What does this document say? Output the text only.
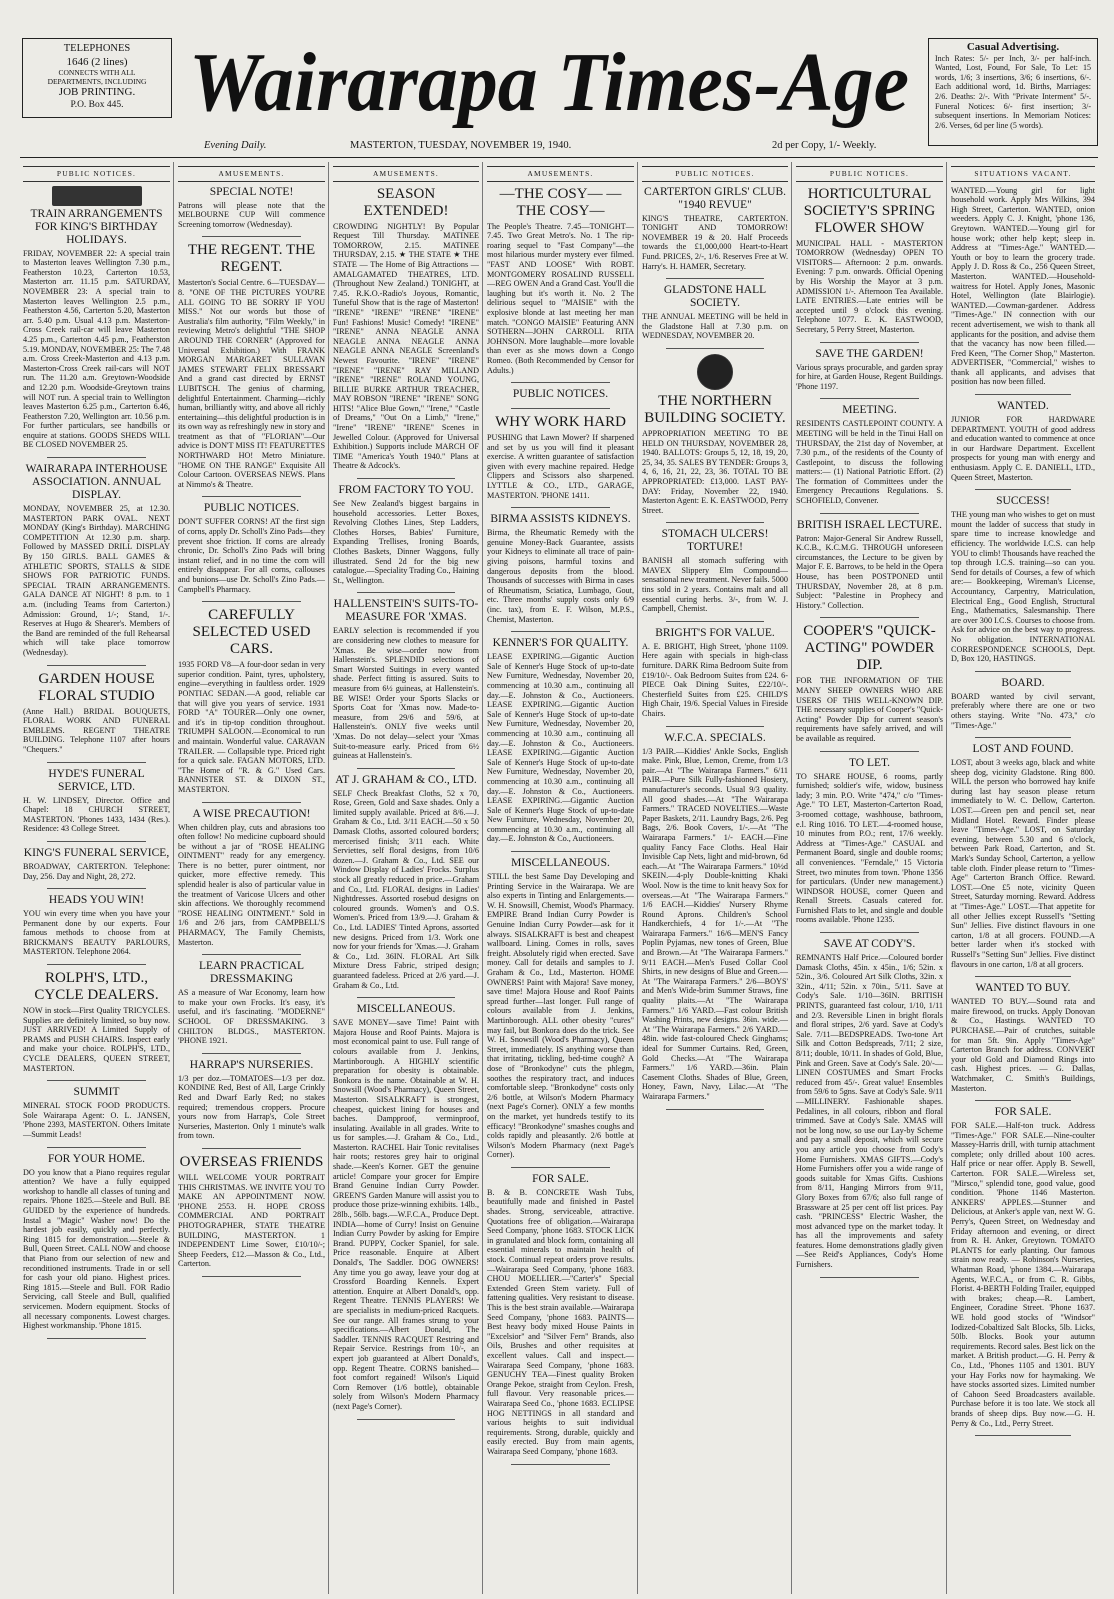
TELEPHONES
1646 (2 lines)
CONNECTS WITH ALL
DEPARTMENTS, INCLUDING
JOB PRINTING.
P.O. Box 445. Wairarapa Times-Age	Casual Advertising.
Inch Rates: 5/- per Inch, 3/- per half-inch. Wanted, Lost, Found, For Sale, To Let: 15 words, 1/6; 3 insertions, 3/6; 6 insertions, 6/-. Each additional word, 1d. Births, Marriages: 2/6. Deaths: 2/-. With "Private Interment" 5/-. Funeral Notices: 6/- first insertion; 3/- subsequent insertions. In Memoriam Notices: 2/6. Verses, 6d per line (5 words).
Evening Daily.	MASTERTON, TUESDAY, NOVEMBER 19, 1940.	2d per Copy, 1/- Weekly.
PUBLIC NOTICES.
TRAIN ARRANGEMENTS FOR KING'S BIRTHDAY HOLIDAYS.
FRIDAY, NOVEMBER 22: A special train to Masterton leaves Wellington 7.30 p.m., Featherston 10.23, Carterton 10.53, Masterton arr. 11.15 p.m. SATURDAY, NOVEMBER 23: A special train to Masterton leaves Wellington 2.5 p.m., Featherston 4.56, Carterton 5.20, Masterton arr. 5.40 p.m. Usual 4.13 p.m. Masterton-Cross Creek rail-car will leave Masterton 4.25 p.m., Carterton 4.45 p.m., Featherston 5.19. MONDAY, NOVEMBER 25: The 7.48 a.m. Cross Creek-Masterton and 4.13 p.m. Masterton-Cross Creek rail-cars will NOT run. The 11.20 a.m. Greytown-Woodside and 12.20 p.m. Woodside-Greytown trains will NOT run. A special train to Wellington leaves Masterton 6.25 p.m., Carterton 6.46, Featherston 7.20, Wellington arr. 10.56 p.m. For further particulars, see handbills or enquire at stations. GOODS SHEDS WILL BE CLOSED NOVEMBER 25.
WAIRARAPA INTERHOUSE ASSOCIATION. ANNUAL DISPLAY.
MONDAY, NOVEMBER 25, at 12.30. MASTERTON PARK OVAL. NEXT MONDAY (King's Birthday). MARCHING COMPETITION At 12.30 p.m. sharp. Followed by MASSED DRILL DISPLAY By 150 GIRLS. BALL GAMES & ATHLETIC SPORTS, STALLS & SIDE SHOWS FOR PATRIOTIC FUNDS. SPECIAL TRAIN ARRANGEMENTS. GALA DANCE AT NIGHT! 8 p.m. to 1 a.m. (including Teams from Carterton.) Admission: Ground, 1/-; Stand, 1/-. Reserves at Hugo & Shearer's. Members of the Band are reminded of the full Rehearsal which will take place tomorrow (Wednesday).
GARDEN HOUSE FLORAL STUDIO
(Anne Hall.) BRIDAL BOUQUETS, FLORAL WORK AND FUNERAL EMBLEMS. REGENT THEATRE BUILDING. Telephone 1107 after hours "Chequers."
HYDE'S FUNERAL SERVICE, LTD.
H. W. LINDSEY, Director. Office and Chapel: 18 CHURCH STREET, MASTERTON. 'Phones 1433, 1434 (Res.). Residence: 43 College Street.
KING'S FUNERAL SERVICE,
BROADWAY, CARTERTON. Telephone: Day, 256. Day and Night, 28, 272.
HEADS YOU WIN!
YOU win every time when you have your Permanent done by our experts. Four famous methods to choose from at BRICKMAN'S BEAUTY PARLOURS, MASTERTON. Telephone 2064.
ROLPH'S, LTD., CYCLE DEALERS.
NOW in stock—First Quality TRICYCLES. Supplies are definitely limited, so buy now. JUST ARRIVED! A Limited Supply of PRAMS and PUSH CHAIRS. Inspect early and make your choice. ROLPH'S, LTD., CYCLE DEALERS, QUEEN STREET, MASTERTON.
SUMMIT
MINERAL STOCK FOOD PRODUCTS. Sole Wairarapa Agent: O. L. JANSEN, 'Phone 2393, MASTERTON. Others Imitate—Summit Leads!
FOR YOUR HOME.
DO you know that a Piano requires regular attention? We have a fully equipped workshop to handle all classes of tuning and repairs. 'Phone 1825.—Steele and Bull. BE GUIDED by the experience of hundreds. Instal a "Magic" Washer now! Do the hardest job easily, quickly and perfectly. Ring 1815 for demonstration.—Steele & Bull, Queen Street. CALL NOW and choose that Piano from our selection of new and reconditioned instruments. Trade in or sell for cash your old piano. Highest prices. Ring 1815.—Steele and Bull. FOR Radio Servicing, call Steele and Bull, qualified servicemen. Modern equipment. Stocks of all necessary components. Lowest charges. Highest workmanship. 'Phone 1815.
AMUSEMENTS.
SPECIAL NOTE!
Patrons will please note that the MELBOURNE CUP Will commence Screening tomorrow (Wednesday).
THE REGENT. THE REGENT.
Masterton's Social Centre. 6—TUESDAY—8. "ONE OF THE PICTURES YOU'RE ALL GOING TO BE SORRY IF YOU MISS." Not our words but those of Australia's film authority, "Film Weekly," in reviewing Metro's delightful "THE SHOP AROUND THE CORNER" (Approved for Universal Exhibition.) With FRANK MORGAN MARGARET SULLAVAN JAMES STEWART FELIX BRESSART And a grand cast directed by ERNST LUBITSCH. The genius of charming, delightful Entertainment. Charming—richly human, brilliantly witty, and above all richly entertaining—this delightful production is in its own way as refreshingly new in story and treatment as that of "FLORIAN"—Our advice is DON'T MISS IT! FEATURETTES NORTHWARD HO! Metro Miniature. "HOME ON THE RANGE" Exquisite All Colour Cartoon. OVERSEAS NEWS. Plans at Nimmo's & Theatre.
PUBLIC NOTICES.
DON'T SUFFER CORNS! AT the first sign of corns, apply Dr. Scholl's Zino Pads—they prevent shoe friction. If corns are already chronic, Dr. Scholl's Zino Pads will bring instant relief, and in no time the corn will entirely disappear. For all corns, callouses and bunions—use Dr. Scholl's Zino Pads.—Campbell's Pharmacy.
CAREFULLY SELECTED USED CARS.
1935 FORD V8—A four-door sedan in very superior condition. Paint, tyres, upholstery, engine—everything in faultless order. 1929 PONTIAC SEDAN.—A good, reliable car that will give you years of service. 1931 FORD "A" TOURER—Only one owner, and it's in tip-top condition throughout. TRIUMPH SALOON.—Economical to run and maintain. Wonderful value. CARAVAN TRAILER. — Collapsible type. Priced right for a quick sale. FAGAN MOTORS, LTD. "The Home of "R. & G." Used Cars. BANNISTER ST. & DIXON ST., MASTERTON.
A WISE PRECAUTION!
When children play, cuts and abrasions too often follow! No medicine cupboard should be without a jar of "ROSE HEALING OINTMENT" ready for any emergency. There is no better, purer ointment, nor quicker, more effective remedy. This splendid healer is also of particular value in the treatment of Varicose Ulcers and other skin affections. We thoroughly recommend "ROSE HEALING OINTMENT." Sold in 1/6 and 2/6 jars, from CAMPBELL'S PHARMACY, The Family Chemists, Masterton.
LEARN PRACTICAL DRESSMAKING
AS a measure of War Economy, learn how to make your own Frocks. It's easy, it's useful, and it's fascinating. "MODERNE" SCHOOL OF DRESSMAKING. 3 CHILTON BLDGS., MASTERTON. 'PHONE 1921.
HARRAP'S NURSERIES.
1/3 per doz.—TOMATOES—1/3 per doz. KONDINE Red, Best of All, Large Crinkly Red and Dwarf Early Red; no stakes required; tremendous croppers. Procure yours now from Harrap's, Cole Street Nurseries, Masterton. Only 1 minute's walk from town.
OVERSEAS FRIENDS
WILL WELCOME YOUR PORTRAIT THIS CHRISTMAS. WE INVITE YOU TO MAKE AN APPOINTMENT NOW. 'PHONE 2553. H. HOPE CROSS COMMERCIAL AND PORTRAIT PHOTOGRAPHER, STATE THEATRE BUILDING, MASTERTON. 1 INDEPENDENT Lime Sower, £10/10/-; Sheep Feeders, £12.—Masson & Co., Ltd., Carterton.
AMUSEMENTS.
SEASON EXTENDED!
CROWDING NIGHTLY! By Popular Request Till Thursday. MATINEE TOMORROW, 2.15. MATINEE THURSDAY, 2.15. ★ THE STATE ★ THE STATE — The Home of Big Attractions — AMALGAMATED THEATRES, LTD. (Throughout New Zealand.) TONIGHT, at 7.45. R.K.O.-Radio's Joyous, Romantic, Tuneful Show that is the rage of Masterton! "IRENE" "IRENE" "IRENE" "IRENE" Fun! Fashions! Music! Comedy! "IRENE" "IRENE" ANNA NEAGLE ANNA NEAGLE ANNA NEAGLE ANNA NEAGLE ANNA NEAGLE Screenland's Newest Favourite. "IRENE" "IRENE" "IRENE" "IRENE" RAY MILLAND "IRENE" "IRENE" ROLAND YOUNG, BILLIE BURKE ARTHUR TREACHER, MAY ROBSON "IRENE" "IRENE" SONG HITS! "Alice Blue Gown," "Irene," "Castle of Dreams," "Out On a Limb," "Irene," "Irene" "IRENE" "IRENE" Scenes in Jewelled Colour. (Approved for Universal Exhibition.) Supports include MARCH OF TIME "America's Youth 1940." Plans at Theatre & Adcock's.
FROM FACTORY TO YOU.
See New Zealand's biggest bargains in household accessories. Letter Boxes, Revolving Clothes Lines, Step Ladders, Clothes Horses, Babies' Furniture, Expanding Trellises, Ironing Boards, Clothes Baskets, Dinner Waggons, fully illustrated. Send 2d for the big new catalogue.—Speciality Trading Co., Haining St., Wellington.
HALLENSTEIN'S SUITS-TO-MEASURE FOR 'XMAS.
EARLY selection is recommended if you are considering new clothes to measure for 'Xmas. Be wise—order now from Hallenstein's. SPLENDID selections of Smart Worsted Suitings in every wanted shade. Perfect fitting is assured. Suits to measure from 6½ guineas, at Hallenstein's. BE WISE! Order your Sports Slacks or Sports Coat for 'Xmas now. Made-to-measure, from 29/6 and 59/6, at Hallenstein's. ONLY five weeks until 'Xmas. Do not delay—select your 'Xmas Suit-to-measure early. Priced from 6½ guineas at Hallenstein's.
AT J. GRAHAM & CO., LTD.
SELF Check Breakfast Cloths, 52 x 70, Rose, Green, Gold and Saxe shades. Only a limited supply available. Priced at 8/6.—J. Graham & Co., Ltd. 3/11 EACH.—50 x 50 Damask Cloths, assorted coloured borders; mercerised finish; 3/11 each. White Serviettes, self floral designs, from 10/6 dozen.—J. Graham & Co., Ltd. SEE our Window Display of Ladies' Frocks. Surplus stock all greatly reduced in price.—Graham and Co., Ltd. FLORAL designs in Ladies' Nightdresses. Assorted rosebud designs on coloured grounds. Women's and O.S. Women's. Priced from 13/9.—J. Graham & Co., Ltd. LADIES' Tinted Aprons, assorted new designs. Priced from 1/3. Work one now for your friends for 'Xmas.—J. Graham & Co., Ltd. 36IN. FLORAL Art Silk Mixture Dress Fabric, striped design; guaranteed fadeless. Priced at 2/6 yard.—J. Graham & Co., Ltd.
MISCELLANEOUS.
SAVE MONEY—save Time! Paint with Majora House and Roof Paints. Majora is most economical paint to use. Full range of colours available from J. Jenkins, Martinborough. A HIGHLY scientific preparation for obesity is obtainable. Bonkora is the name. Obtainable at W. H. Snowsill (Wood's Pharmacy), Queen Street, Masterton. SISALKRAFT is strongest, cheapest, quickest lining for houses and baches. Dampproof, verminproof, insulating. Available in all grades. Write to us for samples.—J. Graham & Co., Ltd., Masterton. RACHEL Hair Tonic revitalises hair roots; restores grey hair to original shade.—Keen's Korner. GET the genuine article! Compare your grocer for Empire Brand Genuine Indian Curry Powder. GREEN'S Garden Manure will assist you to produce those prize-winning exhibits. 14lb., 28lb., 56lb. bags.—W.F.C.A., Produce Dept. INDIA—home of Curry! Insist on Genuine Indian Curry Powder by asking for Empire Brand. PUPPY, Cocker Spaniel, for sale. Price reasonable. Enquire at Albert Donald's, The Saddler. DOG OWNERS! Any time you go away, leave your dog at Crossford Boarding Kennels. Expert attention. Enquire at Albert Donald's, opp. Regent Theatre. TENNIS PLAYERS! We are specialists in medium-priced Racquets. See our range. All frames strung to your specifications.—Albert Donald, The Saddler. TENNIS RACQUET Restring and Repair Service. Restrings from 10/-, an expert job guaranteed at Albert Donald's, opp. Regent Theatre. CORNS banished—foot comfort regained! Wilson's Liquid Corn Remover (1/6 bottle), obtainable solely from Wilson's Modern Pharmacy (next Page's Corner).
AMUSEMENTS.
—THE COSY— —THE COSY—
The People's Theatre. 7.45—TONIGHT—7.45. Two Great Metro's. No. 1 The rip-roaring sequel to "Fast Company"—the most hilarious murder mystery ever filmed. "FAST AND LOOSE" With ROBT. MONTGOMERY ROSALIND RUSSELL—REG OWEN And a Grand Cast. You'll die laughing but it's worth it. No. 2 The delirious sequel to "MAISIE" with the explosive blonde at last meeting her man match. "CONGO MAISIE" Featuring ANN SOTHERN—JOHN CARROLL RITA JOHNSON. More laughable—more lovable than ever as she mows down a Congo Romeo. (Both Recommended by Censor for Adults.)
PUBLIC NOTICES.
WHY WORK HARD
PUSHING that Lawn Mower? If sharpened and set by us you will find it pleasant exercise. A written guarantee of satisfaction given with every machine repaired. Hedge Clippers and Scissors also sharpened. LYTTLE & CO., LTD., GARAGE, MASTERTON. 'PHONE 1411.
BIRMA ASSISTS KIDNEYS.
Birma, the Rheumatic Remedy with the genuine Money-Back Guarantee, assists your Kidneys to eliminate all trace of pain-giving poisons, harmful toxins and dangerous deposits from the blood. Thousands of successes with Birma in cases of Rheumatism, Sciatica, Lumbago, Gout, etc. Three months' supply costs only 6/9 (inc. tax), from E. F. Wilson, M.P.S., Chemist, Masterton.
KENNER'S FOR QUALITY.
LEASE EXPIRING.—Gigantic Auction Sale of Kenner's Huge Stock of up-to-date New Furniture, Wednesday, November 20, commencing at 10.30 a.m., continuing all day.—E. Johnston & Co., Auctioneers. LEASE EXPIRING.—Gigantic Auction Sale of Kenner's Huge Stock of up-to-date New Furniture, Wednesday, November 20, commencing at 10.30 a.m., continuing all day.—E. Johnston & Co., Auctioneers. LEASE EXPIRING.—Gigantic Auction Sale of Kenner's Huge Stock of up-to-date New Furniture, Wednesday, November 20, commencing at 10.30 a.m., continuing all day.—E. Johnston & Co., Auctioneers. LEASE EXPIRING.—Gigantic Auction Sale of Kenner's Huge Stock of up-to-date New Furniture, Wednesday, November 20, commencing at 10.30 a.m., continuing all day.—E. Johnston & Co., Auctioneers.
MISCELLANEOUS.
STILL the best Same Day Developing and Printing Service in the Wairarapa. We are also experts in Tinting and Enlargements.—W. H. Snowsill, Chemist, Wood's Pharmacy. EMPIRE Brand Indian Curry Powder is Genuine Indian Curry Powder—ask for it always. SISALKRAFT is best and cheapest wallboard. Lining. Comes in rolls, saves freight. Absolutely rigid when erected. Save money. Call for details and samples to J. Graham & Co., Ltd., Masterton. HOME OWNERS! Paint with Majora! Save money, save time! Majora House and Roof Paints spread further—last longer. Full range of colours available from J. Jenkins, Martinborough. ALL other obesity "cures" may fail, but Bonkora does do the trick. See W. H. Snowsill (Wood's Pharmacy), Queen Street, immediately. IS anything worse than that irritating, tickling, bed-time cough? A dose of "Bronkodyne" cuts the phlegm, soothes the respiratory tract, and induces comfortable sleep. "Bronkodyne" costs only 2/6 bottle, at Wilson's Modern Pharmacy (next Page's Corner). ONLY a few months on the market, yet hundreds testify to its efficacy! "Bronkodyne" smashes coughs and colds rapidly and pleasantly. 2/6 bottle at Wilson's Modern Pharmacy (next Page's Corner).
FOR SALE.
B. & B. CONCRETE Wash Tubs, beautifully made and finished in Pastel shades. Strong, serviceable, attractive. Quotations free of obligation.—Wairarapa Seed Company, 'phone 1683. STOCK LICK in granulated and block form, containing all essential minerals to maintain health of stock. Continual repeat orders prove results.—Wairarapa Seed Company, 'phone 1683. CHOU MOELLIER.—"Carter's" Special Extended Green Stem variety. Full of fattening qualities. Very resistant to disease. This is the best strain available.—Wairarapa Seed Company, 'phone 1683. PAINTS—Best heavy body mixed House Paints in "Excelsior" and "Silver Fern" Brands, also Oils, Brushes and other requisites at excellent values. Call and inspect.—Wairarapa Seed Company, 'phone 1683. GENUCHY TEA—Finest quality Broken Orange Pekoe, straight from Ceylon. Fresh, full flavour. Very reasonable prices.—Wairarapa Seed Co., 'phone 1683. ECLIPSE HOG NETTINGS in all standard and various heights to suit individual requirements. Strong, durable, quickly and easily erected. Buy from main agents, Wairarapa Seed Company, 'phone 1683.
PUBLIC NOTICES.
CARTERTON GIRLS' CLUB. "1940 REVUE"
KING'S THEATRE, CARTERTON. TONIGHT AND TOMORROW! NOVEMBER 19 & 20. Half Proceeds towards the £1,000,000 Heart-to-Heart Fund. PRICES, 2/-, 1/6. Reserves Free at W. Harry's. H. HAMER, Secretary.
GLADSTONE HALL SOCIETY.
THE ANNUAL MEETING will be held in the Gladstone Hall at 7.30 p.m. on WEDNESDAY, NOVEMBER 20.
THE NORTHERN BUILDING SOCIETY.
APPROPRIATION MEETING TO BE HELD ON THURSDAY, NOVEMBER 28, 1940. BALLOTS: Groups 5, 12, 18, 19, 20, 25, 34, 35. SALES BY TENDER: Groups 3, 4, 6, 16, 21, 22, 23, 36. TOTAL TO BE APPROPRIATED: £13,000. LAST PAY-DAY: Friday, November 22, 1940. Masterton Agent: E. K. EASTWOOD, Perry Street.
STOMACH ULCERS! TORTURE!
BANISH all stomach suffering with MAVEX Slippery Elm Compound—sensational new treatment. Never fails. 5000 tins sold in 2 years. Contains malt and all essential curing herbs. 3/-, from W. J. Campbell, Chemist.
BRIGHT'S FOR VALUE.
A. E. BRIGHT, High Street, 'phone 1109. Here again with specials in high-class furniture. DARK Rima Bedroom Suite from £19/10/-. Oak Bedroom Suites from £24. 6-PIECE Oak Dining Suites, £22/10/-. Chesterfield Suites from £25. CHILD'S High Chair, 19/6. Special Values in Fireside Chairs.
W.F.C.A. SPECIALS.
1/3 PAIR.—Kiddies' Ankle Socks, English make. Pink, Blue, Lemon, Creme, from 1/3 pair.—At "The Wairarapa Farmers." 6/11 PAIR.—Pure Silk Fully-fashioned Hosiery, manufacturer's seconds. Usual 9/3 quality. All good shades.—At "The Wairarapa Farmers." TRACED NOVELTIES.—Waste Paper Baskets, 2/11. Laundry Bags, 2/6. Peg Bags, 2/6. Book Covers, 1/-.—At "The Wairarapa Farmers." 1/- EACH.—Fine quality Fancy Face Cloths. Heal Hair Invisible Cap Nets, light and mid-brown, 6d each.—At "The Wairarapa Farmers." 10½d SKEIN.—4-ply Double-knitting Khaki Wool. Now is the time to knit heavy Sox for overseas.—At "The Wairarapa Farmers." 1/6 EACH.—Kiddies' Nursery Rhyme Round Aprons. Children's School Handkerchiefs, 4 for 1/-.—At "The Wairarapa Farmers." 16/6—MEN'S Fancy Poplin Pyjamas, new tones of Green, Blue and Brown.—At "The Wairarapa Farmers." 9/11 EACH.—Men's Fused Collar Cool Shirts, in new designs of Blue and Green.—At "The Wairarapa Farmers." 2/6—BOYS' and Men's Wide-brim Summer Straws, fine quality plaits.—At "The Wairarapa Farmers." 1/6 YARD.—Fast colour British Washing Prints, new designs. 36in. wide.—At "The Wairarapa Farmers." 2/6 YARD.—48in. wide fast-coloured Check Ginghams; ideal for Summer Curtains. Red, Green, Gold Checks.—At "The Wairarapa Farmers." 1/6 YARD.—36in. Plain Casement Cloths. Shades of Blue, Green, Honey, Fawn, Navy, Lilac.—At "The Wairarapa Farmers."
PUBLIC NOTICES.
HORTICULTURAL SOCIETY'S SPRING FLOWER SHOW
MUNICIPAL HALL - MASTERTON TOMORROW (Wednesday) OPEN TO VISITORS— Afternoon: 2 p.m. onwards. Evening: 7 p.m. onwards. Official Opening by His Worship the Mayor at 3 p.m. ADMISSION 1/-. Afternoon Tea Available. LATE ENTRIES.—Late entries will be accepted until 9 o'clock this evening. Telephone 1077. E. K. EASTWOOD, Secretary, 5 Perry Street, Masterton.
SAVE THE GARDEN!
Various sprays procurable, and garden spray for hire, at Garden House, Regent Buildings. 'Phone 1197.
MEETING.
RESIDENTS CASTLEPOINT COUNTY. A MEETING will be held in the Tinui Hall on THURSDAY, the 21st day of November, at 7.30 p.m., of the residents of the County of Castlepoint, to discuss the following matters:— (1) National Patriotic Effort. (2) The formation of Committees under the Emergency Precautions Regulations. S. SCHOFIELD, Convener.
BRITISH ISRAEL LECTURE.
Patron: Major-General Sir Andrew Russell, K.C.B., K.C.M.G. THROUGH unforeseen circumstances, the Lecture to be given by Major F. E. Barrows, to be held in the Opera House, has been POSTPONED until THURSDAY, November 28, at 8 p.m. Subject: "Palestine in Prophecy and History." Collection.
COOPER'S "QUICK-ACTING" POWDER DIP.
FOR THE INFORMATION OF THE MANY SHEEP OWNERS WHO ARE USERS OF THIS WELL-KNOWN DIP. THE necessary supplies of Cooper's "Quick-Acting" Powder Dip for current season's requirements have safely arrived, and will be available as required.
TO LET.
TO SHARE HOUSE, 6 rooms, partly furnished; soldier's wife, widow, business lady; 3 min. P.O. Write "474," c/o "Times-Age." TO LET, Masterton-Carterton Road, 3-roomed cottage, washhouse, bathroom, e.l. Ring 1016. TO LET.—4-roomed house, 10 minutes from P.O.; rent, 17/6 weekly. Address at "Times-Age." CASUAL and Permanent Board, single and double rooms; all conveniences. "Ferndale," 15 Victoria Street, two minutes from town. 'Phone 1356 for particulars. (Under new management.) WINDSOR HOUSE, corner Queen and Renall Streets. Casuals catered for. Furnished Flats to let, and single and double rooms available. 'Phone 1235.
SAVE AT CODY'S.
REMNANTS Half Price.—Coloured border Damask Cloths, 45in. x 45in., 1/6; 52in. x 52in., 3/6. Coloured Art Silk Cloths, 32in. x 32in., 4/11; 52in. x 70in., 5/11. Save at Cody's Sale. 1/10—36IN. BRITISH PRINTS, guaranteed fast colour, 1/10, 1/11 and 2/3. Reversible Linen in bright florals and floral stripes, 2/6 yard. Save at Cody's Sale. 7/11—BEDSPREADS. Two-tone Art Silk and Cotton Bedspreads, 7/11; 2 size, 8/11; double, 10/11. In shades of Gold, Blue, Pink and Green. Save at Cody's Sale. 20/-—LINEN COSTUMES and Smart Frocks reduced from 45/-. Great value! Ensembles from 59/6 to 5gns. Save at Cody's Sale. 9/11—MILLINERY. Fashionable shapes. Pedalines, in all colours, ribbon and floral trimmed. Save at Cody's Sale. XMAS will not be long now, so use our Lay-by Scheme and pay a small deposit, which will secure you any article you choose from Cody's Home Furnishers. XMAS GIFTS.—Cody's Home Furnishers offer you a wide range of goods suitable for Xmas Gifts. Cushions from 8/11, Hanging Mirrors from 9/11, Glory Boxes from 67/6; also full range of Brassware at 25 per cent off list prices. Pay cash. "PRINCESS" Electric Washer, the most advanced type on the market today. It has all the improvements and safety features. Home demonstrations gladly given—See Reid's Appliances, Cody's Home Furnishers.
SITUATIONS VACANT.
WANTED.—Young girl for light household work. Apply Mrs Wilkins, 394 High Street, Carterton. WANTED, onion weeders. Apply C. J. Knight, 'phone 136, Greytown. WANTED.—Young girl for house work; other help kept; sleep in. Address at "Times-Age." WANTED.—Youth or boy to learn the grocery trade. Apply J. D. Ross & Co., 256 Queen Street, Masterton. WANTED.—Household-waitress for Hotel. Apply Jones, Masonic Hotel, Wellington (late Blairlogie). WANTED.—Cowman-gardener. Address "Times-Age." IN connection with our recent advertisement, we wish to thank all applicants for the position, and advise them that the vacancy has now been filled.—Fred Keen, "The Corner Shop," Masterton. ADVERTISER, "Commercial," wishes to thank all applicants, and advises that position has now been filled.
WANTED.
JUNIOR FOR HARDWARE DEPARTMENT. YOUTH of good address and education wanted to commence at once in our Hardware Department. Excellent prospects for young man with energy and enthusiasm. Apply C. E. DANIELL, LTD., Queen Street, Masterton.
SUCCESS!
THE young man who wishes to get on must mount the ladder of success that study in spare time to increase knowledge and efficiency. The worldwide I.C.S. can help YOU to climb! Thousands have reached the top through I.C.S. training—so can you. Send for details of Courses, a few of which are:— Bookkeeping, Wireman's License, Accountancy, Carpentry, Matriculation, Electrical Eng., Good English, Structural Eng., Mathematics, Salesmanship. There are over 300 I.C.S. Courses to choose from. Ask for advice on the best way to progress. No obligation. INTERNATIONAL CORRESPONDENCE SCHOOLS, Dept. D, Box 120, HASTINGS.
BOARD.
BOARD wanted by civil servant, preferably where there are one or two others staying. Write "No. 473," c/o "Times-Age."
LOST AND FOUND.
LOST, about 3 weeks ago, black and white sheep dog, vicinity Gladstone. Ring 800. WILL the person who borrowed hay knife during last hay season please return immediately to W. C. Dellow, Carterton. LOST.—Green pen and pencil set, near Midland Hotel. Reward. Finder please leave "Times-Age." LOST, on Saturday evening, between 5.30 and 6 o'clock, between Park Road, Carterton, and St. Mark's Sunday School, Carterton, a yellow table cloth. Finder please return to "Times-Age" Carterton Branch Office. Reward. LOST.—One £5 note, vicinity Queen Street, Saturday morning. Reward. Address at "Times-Age." LOST.—That appetite for all other Jellies except Russell's "Setting Sun" Jellies. Five distinct flavours in one carton, 1/8 at all grocers. FOUND.—A better larder when it's stocked with Russell's "Setting Sun" Jellies. Five distinct flavours in one carton, 1/8 at all grocers.
WANTED TO BUY.
WANTED TO BUY.—Sound rata and maire firewood, on trucks. Apply Donovan & Co., Hastings. WANTED TO PURCHASE.—Pair of crutches, suitable for man 5ft. 9in. Apply "Times-Age" Carterton Branch for address. CONVERT your old Gold and Diamond Rings into cash. Highest prices. — G. Dallas, Watchmaker, C. Smith's Buildings, Masterton.
FOR SALE.
FOR SALE.—Half-ton truck. Address "Times-Age." FOR SALE.—Nine-coulter Massey-Harris drill, with turnip attachment complete; only drilled about 100 acres. Half price or near offer. Apply B. Sewell, Carterton. FOR SALE.—Wireless set, "Mirsco," splendid tone, good value, good condition. 'Phone 1146 Masterton. ANKERS' APPLES.—Stunner and Delicious, at Anker's apple van, next W. G. Perry's, Queen Street, on Wednesday and Friday afternoon and evening, or direct from R. H. Anker, Greytown. TOMATO PLANTS for early planting. Our famous strain now ready. — Robinson's Nurseries, Whatman Road, 'phone 1384.—Wairarapa Agents, W.F.C.A., or from C. R. Gibbs, Florist. 4-BERTH Folding Trailer, equipped with brakes; cheap.—R. Lambert, Engineer, Coradine Street. 'Phone 1637. WE hold good stocks of "Windsor" Iodized-Cobaltized Salt Blocks, 5lb. Licks, 50lb. Blocks. Book your autumn requirements. Record sales. Best lick on the market. A British product.—G. H. Perry & Co., Ltd., 'Phones 1105 and 1301. BUY your Hay Forks now for haymaking. We have stocks assorted sizes. Limited number of Cahoon Seed Broadcasters available. Purchase before it is too late. We stock all brands of sheep dips. Buy now.—G. H. Perry & Co., Ltd., Perry Street.
